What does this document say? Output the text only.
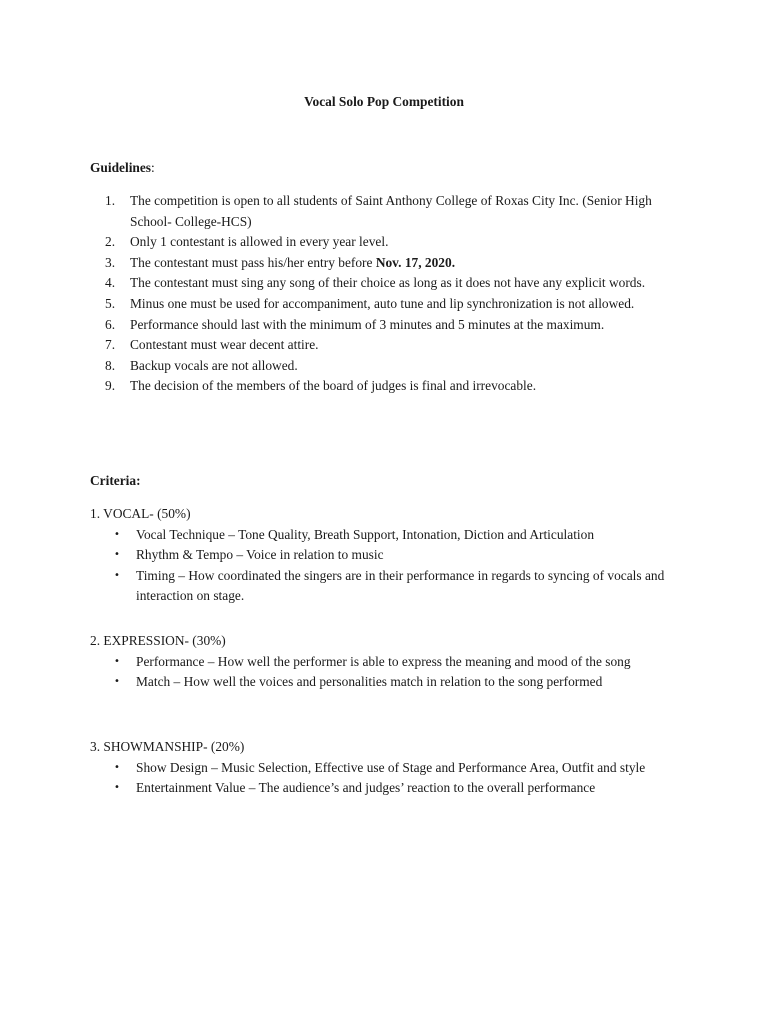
Vocal Solo Pop Competition
Guidelines:
1. The competition is open to all students of Saint Anthony College of Roxas City Inc. (Senior High School- College-HCS)
2. Only 1 contestant is allowed in every year level.
3. The contestant must pass his/her entry before Nov. 17, 2020.
4. The contestant must sing any song of their choice as long as it does not have any explicit words.
5. Minus one must be used for accompaniment, auto tune and lip synchronization is not allowed.
6. Performance should last with the minimum of 3 minutes and 5 minutes at the maximum.
7. Contestant must wear decent attire.
8. Backup vocals are not allowed.
9. The decision of the members of the board of judges is final and irrevocable.
Criteria:

1. VOCAL- (50%)

• Vocal Technique – Tone Quality, Breath Support, Intonation, Diction and Articulation
• Rhythm & Tempo – Voice in relation to music
• Timing – How coordinated the singers are in their performance in regards to syncing of vocals and interaction on stage.

2. EXPRESSION- (30%)

• Performance – How well the performer is able to express the meaning and mood of the song
• Match – How well the voices and personalities match in relation to the song performed

3. SHOWMANSHIP- (20%)

• Show Design – Music Selection, Effective use of Stage and Performance Area, Outfit and style
• Entertainment Value – The audience’s and judges’ reaction to the overall performance
